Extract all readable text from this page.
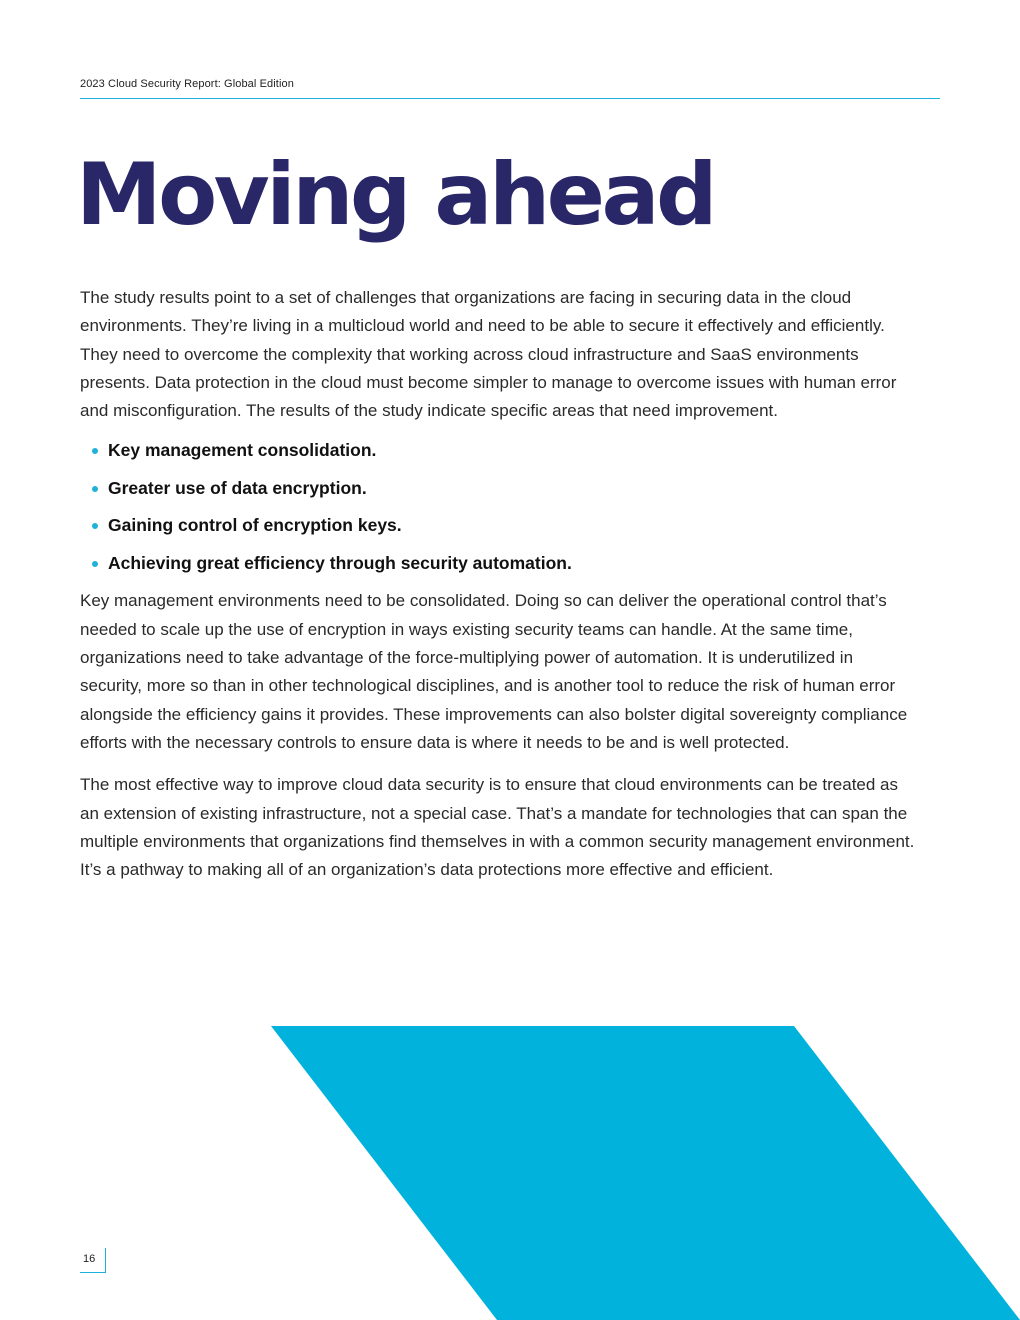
2023 Cloud Security Report: Global Edition
Moving ahead

The study results point to a set of challenges that organizations are facing in securing data in the cloud environments. They’re living in a multicloud world and need to be able to secure it effectively and efficiently. They need to overcome the complexity that working across cloud infrastructure and SaaS environments presents. Data protection in the cloud must become simpler to manage to overcome issues with human error and misconfiguration. The results of the study indicate specific areas that need improvement.

Key management consolidation.
Greater use of data encryption.
Gaining control of encryption keys.
Achieving great efficiency through security automation.

Key management environments need to be consolidated. Doing so can deliver the operational control that’s needed to scale up the use of encryption in ways existing security teams can handle. At the same time, organizations need to take advantage of the force-multiplying power of automation. It is underutilized in security, more so than in other technological disciplines, and is another tool to reduce the risk of human error alongside the efficiency gains it provides. These improvements can also bolster digital sovereignty compliance efforts with the necessary controls to ensure data is where it needs to be and is well protected.

The most effective way to improve cloud data security is to ensure that cloud environments can be treated as an extension of existing infrastructure, not a special case. That’s a mandate for technologies that can span the multiple environments that organizations find themselves in with a common security management environment. It’s a pathway to making all of an organization’s data protections more effective and efficient.

16
